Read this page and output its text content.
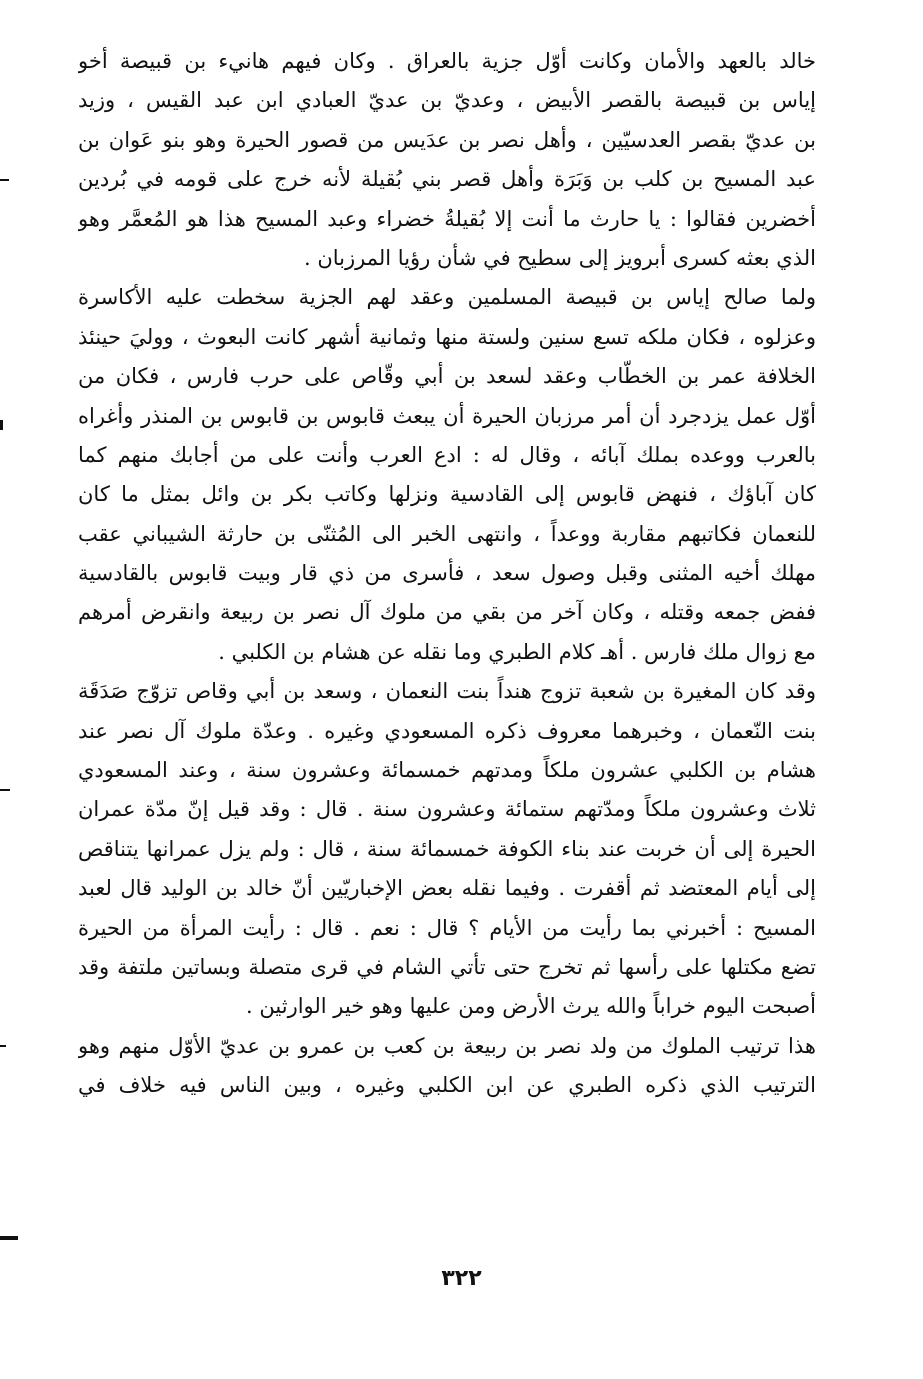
خالد بالعهد والأمان وكانت أوّل جزية بالعراق . وكان فيهم هانيء بن قبيصة أخو
إياس بن قبيصة بالقصر الأبيض ، وعديّ بن عديّ العبادي ابن عبد القيس ، وزيد
بن عديّ بقصر العدسيّين ، وأهل نصر بن عدَيس من قصور الحيرة وهو بنو عَوان بن
عبد المسيح بن كلب بن وَبَرَة وأهل قصر بني بُقيلة لأنه خرج على قومه في بُردين
أخضرين فقالوا : يا حارث ما أنت إلا بُقيلةُ خضراء وعبد المسيح هذا هو المُعمَّر وهو
الذي بعثه كسرى أبرويز إلى سطيح في شأن رؤيا المرزبان .
ولما صالح إياس بن قبيصة المسلمين وعقد لهم الجزية سخطت عليه الأكاسرة
وعزلوه ، فكان ملكه تسع سنين ولستة منها وثمانية أشهر كانت البعوث ، ووليَ حينئذ
الخلافة عمر بن الخطّاب وعقد لسعد بن أبي وقّاص على حرب فارس ، فكان من
أوّل عمل يزدجرد أن أمر مرزبان الحيرة أن يبعث قابوس بن قابوس بن المنذر وأغراه
بالعرب ووعده بملك آبائه ، وقال له : ادع العرب وأنت على من أجابك منهم كما
كان آباؤك ، فنهض قابوس إلى القادسية ونزلها وكاتب بكر بن وائل بمثل ما كان
للنعمان فكاتبهم مقاربة ووعداً ، وانتهى الخبر الى المُثنّى بن حارثة الشيباني عقب
مهلك أخيه المثنى وقبل وصول سعد ، فأسرى من ذي قار وبيت قابوس بالقادسية
ففض جمعه وقتله ، وكان آخر من بقي من ملوك آل نصر بن ربيعة وانقرض أمرهم
مع زوال ملك فارس . أهـ كلام الطبري وما نقله عن هشام بن الكلبي .
وقد كان المغيرة بن شعبة تزوج هنداً بنت النعمان ، وسعد بن أبي وقاص تزوّج صَدَقَة
بنت النّعمان ، وخبرهما معروف ذكره المسعودي وغيره . وعدّة ملوك آل نصر عند
هشام بن الكلبي عشرون ملكاً ومدتهم خمسمائة وعشرون سنة ، وعند المسعودي
ثلاث وعشرون ملكاً ومدّتهم ستمائة وعشرون سنة . قال : وقد قيل إنّ مدّة عمران
الحيرة إلى أن خربت عند بناء الكوفة خمسمائة سنة ، قال : ولم يزل عمرانها يتناقص
إلى أيام المعتضد ثم أقفرت . وفيما نقله بعض الإخباريّين أنّ خالد بن الوليد قال لعبد
المسيح : أخبرني بما رأيت من الأيام ؟ قال : نعم . قال : رأيت المرأة من الحيرة
تضع مكتلها على رأسها ثم تخرج حتى تأتي الشام في قرى متصلة وبساتين ملتفة وقد
أصبحت اليوم خراباً والله يرث الأرض ومن عليها وهو خير الوارثين .
هذا ترتيب الملوك من ولد نصر بن ربيعة بن كعب بن عمرو بن عديّ الأوّل منهم وهو
الترتيب الذي ذكره الطبري عن ابن الكلبي وغيره ، وبين الناس فيه خلاف في
٣٢٢
